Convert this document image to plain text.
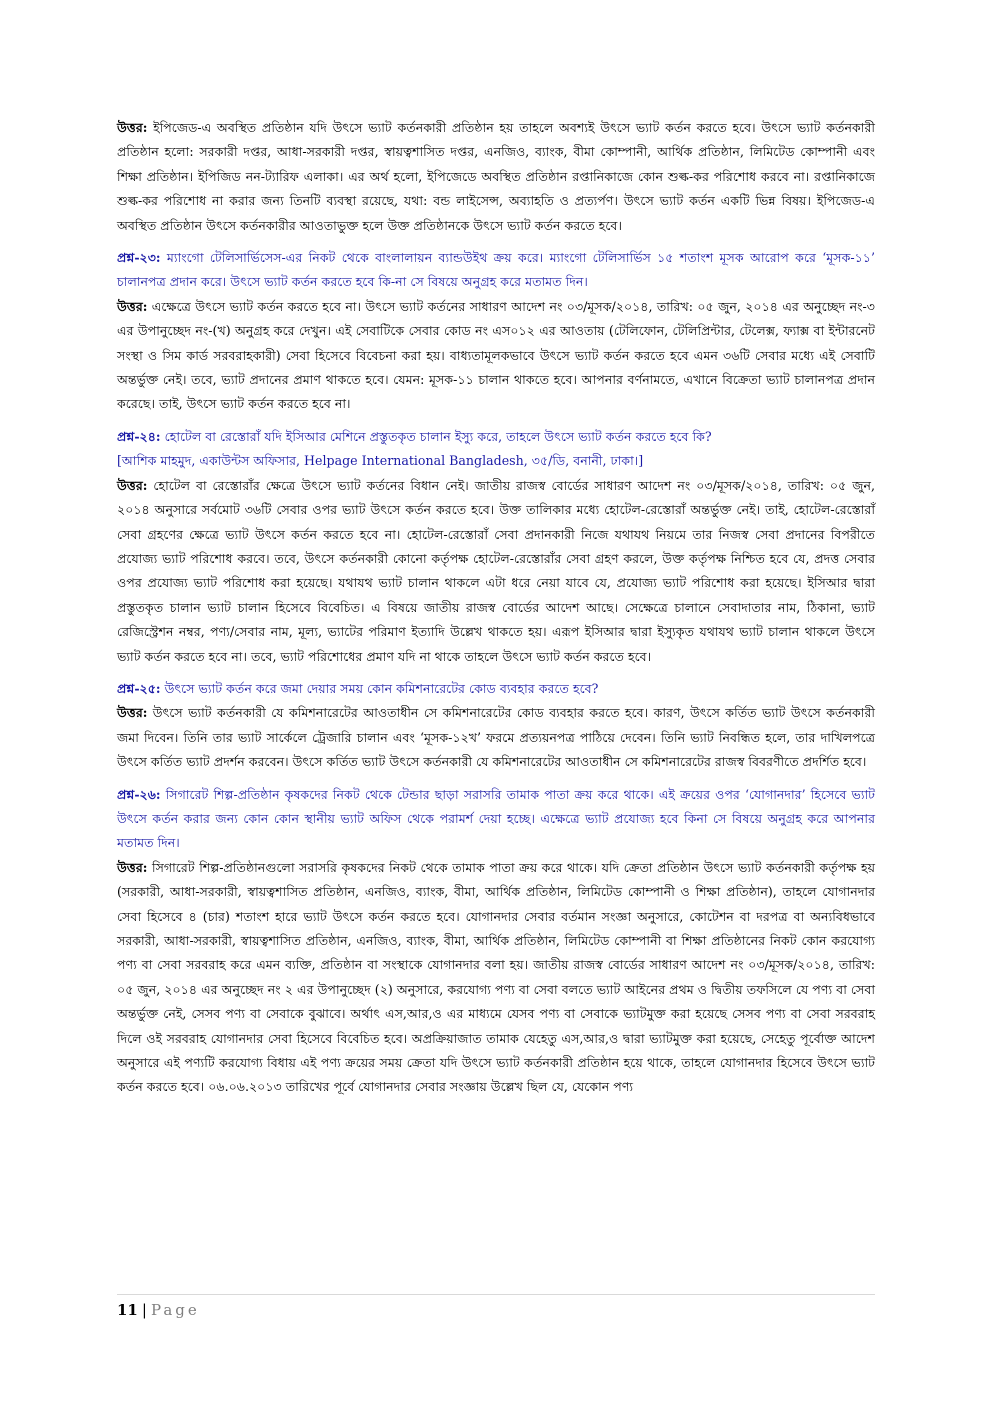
উত্তর: ইপিজেড-এ অবস্থিত প্রতিষ্ঠান যদি উৎসে ভ্যাট কর্তনকারী প্রতিষ্ঠান হয় তাহলে অবশ্যই উৎসে ভ্যাট কর্তন করতে হবে। উৎসে ভ্যাট কর্তনকারী প্রতিষ্ঠান হলো: সরকারী দপ্তর, আধা-সরকারী দপ্তর, স্বায়ত্বশাসিত দপ্তর, এনজিও, ব্যাংক, বীমা কোম্পানী, আর্থিক প্রতিষ্ঠান, লিমিটেড কোম্পানী এবং শিক্ষা প্রতিষ্ঠান। ইপিজিড নন-ট্যারিফ এলাকা। এর অর্থ হলো, ইপিজেডে অবস্থিত প্রতিষ্ঠান রপ্তানিকাজে কোন শুল্ক-কর পরিশোধ করবে না। রপ্তানিকাজে শুল্ক-কর পরিশোধ না করার জন্য তিনটি ব্যবস্থা রয়েছে, যথা: বন্ড লাইসেন্স, অব্যাহতি ও প্রত্যর্পণ। উৎসে ভ্যাট কর্তন একটি ভিন্ন বিষয়। ইপিজেড-এ অবস্থিত প্রতিষ্ঠান উৎসে কর্তনকারীর আওতাভুক্ত হলে উক্ত প্রতিষ্ঠানকে উৎসে ভ্যাট কর্তন করতে হবে।
প্রশ্ন-২৩: ম্যাংগো টেলিসার্ভিসেস-এর নিকট থেকে বাংলালায়ন ব্যান্ডউইথ ক্রয় করে। ম্যাংগো টেলিসার্ভিস ১৫ শতাংশ মূসক আরোপ করে ‘মূসক-১১’ চালানপত্র প্রদান করে। উৎসে ভ্যাট কর্তন করতে হবে কি-না সে বিষয়ে অনুগ্রহ করে মতামত দিন।
উত্তর: এক্ষেত্রে উৎসে ভ্যাট কর্তন করতে হবে না। উৎসে ভ্যাট কর্তনের সাধারণ আদেশ নং ০৩/মূসক/২০১৪, তারিখ: ০৫ জুন, ২০১৪ এর অনুচ্ছেদ নং-৩ এর উপানুচ্ছেদ নং-(খ) অনুগ্রহ করে দেখুন। এই সেবাটিকে সেবার কোড নং এস০১২ এর আওতায় (টেলিফোন, টেলিপ্রিন্টার, টেলেক্স, ফ্যাক্স বা ইন্টারনেট সংস্থা ও সিম কার্ড সরবরাহকারী) সেবা হিসেবে বিবেচনা করা হয়। বাধ্যতামূলকভাবে উৎসে ভ্যাট কর্তন করতে হবে এমন ৩৬টি সেবার মধ্যে এই সেবাটি অন্তর্ভুক্ত নেই। তবে, ভ্যাট প্রদানের প্রমাণ থাকতে হবে। যেমন: মূসক-১১ চালান থাকতে হবে। আপনার বর্ণনামতে, এখানে বিক্রেতা ভ্যাট চালানপত্র প্রদান করেছে। তাই, উৎসে ভ্যাট কর্তন করতে হবে না।
প্রশ্ন-২৪: হোটেল বা রেস্তোরাঁ যদি ইসিআর মেশিনে প্রস্তুতকৃত চালান ইস্যু করে, তাহলে উৎসে ভ্যাট কর্তন করতে হবে কি?
[আশিক মাহমুদ, একাউন্টস অফিসার, Helpage International Bangladesh, ৩৫/ডি, বনানী, ঢাকা।]
উত্তর: হোটেল বা রেস্তোরাঁর ক্ষেত্রে উৎসে ভ্যাট কর্তনের বিধান নেই। জাতীয় রাজস্ব বোর্ডের সাধারণ আদেশ নং ০৩/মূসক/২০১৪, তারিখ: ০৫ জুন, ২০১৪ অনুসারে সর্বমোট ৩৬টি সেবার ওপর ভ্যাট উৎসে কর্তন করতে হবে। উক্ত তালিকার মধ্যে হোটেল-রেস্তোরাঁ অন্তর্ভুক্ত নেই। তাই, হোটেল-রেস্তোরাঁ সেবা গ্রহণের ক্ষেত্রে ভ্যাট উৎসে কর্তন করতে হবে না। হোটেল-রেস্তোরাঁ সেবা প্রদানকারী নিজে যথাযথ নিয়মে তার নিজস্ব সেবা প্রদানের বিপরীতে প্রযোজ্য ভ্যাট পরিশোধ করবে। তবে, উৎসে কর্তনকারী কোনো কর্তৃপক্ষ হোটেল-রেস্তোরাঁর সেবা গ্রহণ করলে, উক্ত কর্তৃপক্ষ নিশ্চিত হবে যে, প্রদত্ত সেবার ওপর প্রযোজ্য ভ্যাট পরিশোধ করা হয়েছে। যথাযথ ভ্যাট চালান থাকলে এটা ধরে নেয়া যাবে যে, প্রযোজ্য ভ্যাট পরিশোধ করা হয়েছে। ইসিআর দ্বারা প্রস্তুতকৃত চালান ভ্যাট চালান হিসেবে বিবেচিত। এ বিষয়ে জাতীয় রাজস্ব বোর্ডের আদেশ আছে। সেক্ষেত্রে চালানে সেবাদাতার নাম, ঠিকানা, ভ্যাট রেজিস্ট্রেশন নম্বর, পণ্য/সেবার নাম, মূল্য, ভ্যাটের পরিমাণ ইত্যাদি উল্লেখ থাকতে হয়। এরূপ ইসিআর দ্বারা ইস্যুকৃত যথাযথ ভ্যাট চালান থাকলে উৎসে ভ্যাট কর্তন করতে হবে না। তবে, ভ্যাট পরিশোধের প্রমাণ যদি না থাকে তাহলে উৎসে ভ্যাট কর্তন করতে হবে।
প্রশ্ন-২৫: উৎসে ভ্যাট কর্তন করে জমা দেয়ার সময় কোন কমিশনারেটের কোড ব্যবহার করতে হবে?
উত্তর: উৎসে ভ্যাট কর্তনকারী যে কমিশনারেটের আওতাধীন সে কমিশনারেটের কোড ব্যবহার করতে হবে। কারণ, উৎসে কর্তিত ভ্যাট উৎসে কর্তনকারী জমা দিবেন। তিনি তার ভ্যাট সার্কেলে ট্রেজারি চালান এবং ‘মূসক-১২খ’ ফরমে প্রত্যয়নপত্র পাঠিয়ে দেবেন। তিনি ভ্যাট নিবন্ধিত হলে, তার দাখিলপত্রে উৎসে কর্তিত ভ্যাট প্রদর্শন করবেন। উৎসে কর্তিত ভ্যাট উৎসে কর্তনকারী যে কমিশনারেটের আওতাধীন সে কমিশনারেটের রাজস্ব বিবরণীতে প্রদর্শিত হবে।
প্রশ্ন-২৬: সিগারেট শিল্প-প্রতিষ্ঠান কৃষকদের নিকট থেকে টেন্ডার ছাড়া সরাসরি তামাক পাতা ক্রয় করে থাকে। এই ক্রয়ের ওপর ‘যোগানদার’ হিসেবে ভ্যাট উৎসে কর্তন করার জন্য কোন কোন স্থানীয় ভ্যাট অফিস থেকে পরামর্শ দেয়া হচ্ছে। এক্ষেত্রে ভ্যাট প্রযোজ্য হবে কিনা সে বিষয়ে অনুগ্রহ করে আপনার মতামত দিন।
উত্তর: সিগারেট শিল্প-প্রতিষ্ঠানগুলো সরাসরি কৃষকদের নিকট থেকে তামাক পাতা ক্রয় করে থাকে। যদি ক্রেতা প্রতিষ্ঠান উৎসে ভ্যাট কর্তনকারী কর্তৃপক্ষ হয় (সরকারী, আধা-সরকারী, স্বায়ত্বশাসিত প্রতিষ্ঠান, এনজিও, ব্যাংক, বীমা, আর্থিক প্রতিষ্ঠান, লিমিটেড কোম্পানী ও শিক্ষা প্রতিষ্ঠান), তাহলে যোগানদার সেবা হিসেবে ৪ (চার) শতাংশ হারে ভ্যাট উৎসে কর্তন করতে হবে। যোগানদার সেবার বর্তমান সংজ্ঞা অনুসারে, কোটেশন বা দরপত্র বা অন্যবিধভাবে সরকারী, আধা-সরকারী, স্বায়ত্বশাসিত প্রতিষ্ঠান, এনজিও, ব্যাংক, বীমা, আর্থিক প্রতিষ্ঠান, লিমিটেড কোম্পানী বা শিক্ষা প্রতিষ্ঠানের নিকট কোন করযোগ্য পণ্য বা সেবা সরবরাহ করে এমন ব্যক্তি, প্রতিষ্ঠান বা সংস্থাকে যোগানদার বলা হয়। জাতীয় রাজস্ব বোর্ডের সাধারণ আদেশ নং ০৩/মূসক/২০১৪, তারিখ: ০৫ জুন, ২০১৪ এর অনুচ্ছেদ নং ২ এর উপানুচ্ছেদ (২) অনুসারে, করযোগ্য পণ্য বা সেবা বলতে ভ্যাট আইনের প্রথম ও দ্বিতীয় তফসিলে যে পণ্য বা সেবা অন্তর্ভুক্ত নেই, সেসব পণ্য বা সেবাকে বুঝাবে। অর্থাৎ এস,আর,ও এর মাধ্যমে যেসব পণ্য বা সেবাকে ভ্যাটমুক্ত করা হয়েছে সেসব পণ্য বা সেবা সরবরাহ দিলে ওই সরবরাহ যোগানদার সেবা হিসেবে বিবেচিত হবে। অপ্রক্রিয়াজাত তামাক যেহেতু এস,আর,ও দ্বারা ভ্যাটমুক্ত করা হয়েছে, সেহেতু পূর্বোক্ত আদেশ অনুসারে এই পণ্যটি করযোগ্য বিধায় এই পণ্য ক্রয়ের সময় ক্রেতা যদি উৎসে ভ্যাট কর্তনকারী প্রতিষ্ঠান হয়ে থাকে, তাহলে যোগানদার হিসেবে উৎসে ভ্যাট কর্তন করতে হবে। ০৬.০৬.২০১৩ তারিখের পূর্বে যোগানদার সেবার সংজ্ঞায় উল্লেখ ছিল যে, যেকোন পণ্য
11 | Page
